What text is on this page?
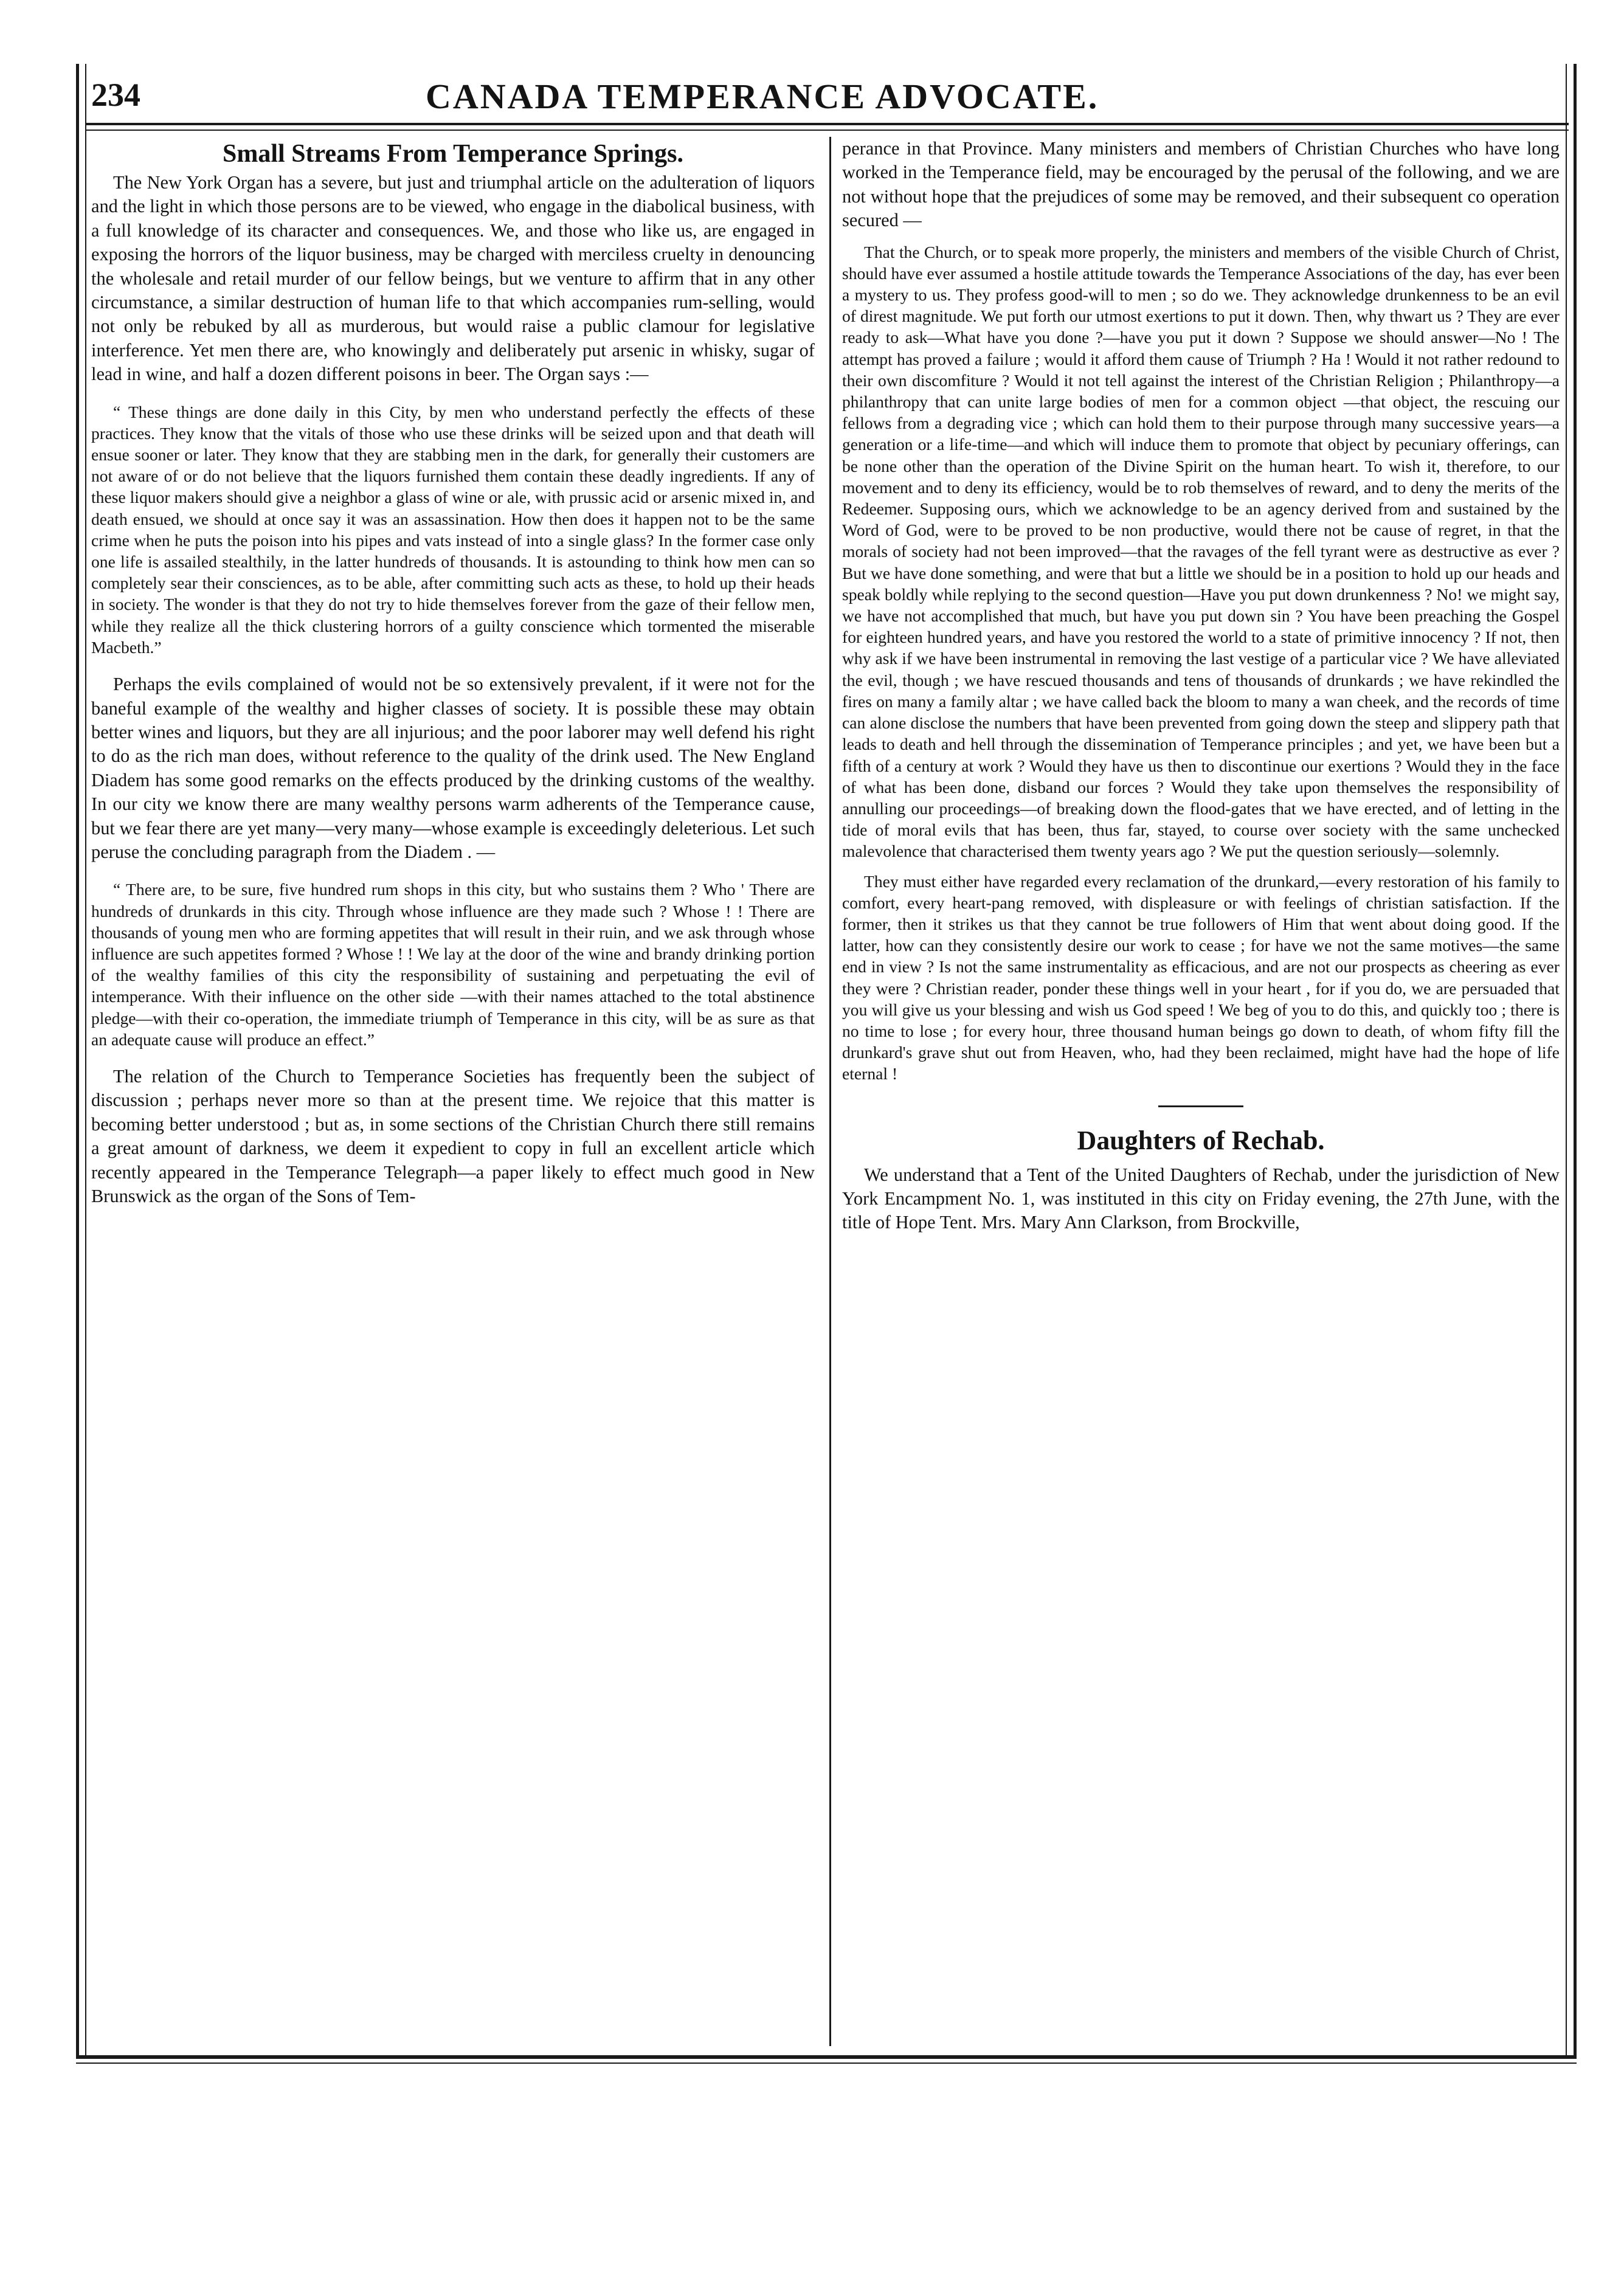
234	CANADA TEMPERANCE ADVOCATE.
Small Streams From Temperance Springs.

The New York Organ has a severe, but just and triumphal article on the adulteration of liquors and the light in which those persons are to be viewed, who engage in the diabolical business, with a full knowledge of its character and consequences. We, and those who like us, are engaged in exposing the horrors of the liquor business, may be charged with merciless cruelty in denouncing the wholesale and retail murder of our fellow beings, but we venture to affirm that in any other circumstance, a similar destruction of human life to that which accompanies rum-selling, would not only be rebuked by all as murderous, but would raise a public clamour for legislative interference. Yet men there are, who knowingly and deliberately put arsenic in whisky, sugar of lead in wine, and half a dozen different poisons in beer. The Organ says :—

“ These things are done daily in this City, by men who understand perfectly the effects of these practices. They know that the vitals of those who use these drinks will be seized upon and that death will ensue sooner or later. They know that they are stabbing men in the dark, for generally their customers are not aware of or do not believe that the liquors furnished them contain these deadly ingredients. If any of these liquor makers should give a neighbor a glass of wine or ale, with prussic acid or arsenic mixed in, and death ensued, we should at once say it was an assassination. How then does it happen not to be the same crime when he puts the poison into his pipes and vats instead of into a single glass? In the former case only one life is assailed stealthily, in the latter hundreds of thousands. It is astounding to think how men can so completely sear their consciences, as to be able, after committing such acts as these, to hold up their heads in society. The wonder is that they do not try to hide themselves forever from the gaze of their fellow men, while they realize all the thick clustering horrors of a guilty conscience which tormented the miserable Macbeth.”

Perhaps the evils complained of would not be so extensively prevalent, if it were not for the baneful example of the wealthy and higher classes of society. It is possible these may obtain better wines and liquors, but they are all injurious; and the poor laborer may well defend his right to do as the rich man does, without reference to the quality of the drink used. The New England Diadem has some good remarks on the effects produced by the drinking customs of the wealthy. In our city we know there are many wealthy persons warm adherents of the Temperance cause, but we fear there are yet many—very many—whose example is exceedingly deleterious. Let such peruse the concluding paragraph from the Diadem . —

“ There are, to be sure, five hundred rum shops in this city, but who sustains them ? Who ' There are hundreds of drunkards in this city. Through whose influence are they made such ? Whose ! ! There are thousands of young men who are forming appetites that will result in their ruin, and we ask through whose influence are such appetites formed ? Whose ! ! We lay at the door of the wine and brandy drinking portion of the wealthy families of this city the responsibility of sustaining and perpetuating the evil of intemperance. With their influence on the other side —with their names attached to the total abstinence pledge—with their co-operation, the immediate triumph of Temperance in this city, will be as sure as that an adequate cause will produce an effect.”

The relation of the Church to Temperance Societies has frequently been the subject of discussion ; perhaps never more so than at the present time. We rejoice that this matter is becoming better understood ; but as, in some sections of the Christian Church there still remains a great amount of darkness, we deem it expedient to copy in full an excellent article which recently appeared in the Temperance Telegraph—a paper likely to effect much good in New Brunswick as the organ of the Sons of Tem-

perance in that Province. Many ministers and members of Christian Churches who have long worked in the Temperance field, may be encouraged by the perusal of the following, and we are not without hope that the prejudices of some may be removed, and their subsequent co operation secured —

That the Church, or to speak more properly, the ministers and members of the visible Church of Christ, should have ever assumed a hostile attitude towards the Temperance Associations of the day, has ever been a mystery to us. They profess good-will to men ; so do we. They acknowledge drunkenness to be an evil of direst magnitude. We put forth our utmost exertions to put it down. Then, why thwart us ? They are ever ready to ask—What have you done ?—have you put it down ? Suppose we should answer—No ! The attempt has proved a failure ; would it afford them cause of Triumph ? Ha ! Would it not rather redound to their own discomfiture ? Would it not tell against the interest of the Christian Religion ; Philanthropy—a philanthropy that can unite large bodies of men for a common object —that object, the rescuing our fellows from a degrading vice ; which can hold them to their purpose through many successive years—a generation or a life-time—and which will induce them to promote that object by pecuniary offerings, can be none other than the operation of the Divine Spirit on the human heart. To wish it, therefore, to our movement and to deny its efficiency, would be to rob themselves of reward, and to deny the merits of the Redeemer. Supposing ours, which we acknowledge to be an agency derived from and sustained by the Word of God, were to be proved to be non productive, would there not be cause of regret, in that the morals of society had not been improved—that the ravages of the fell tyrant were as destructive as ever ? But we have done something, and were that but a little we should be in a position to hold up our heads and speak boldly while replying to the second question—Have you put down drunkenness ? No! we might say, we have not accomplished that much, but have you put down sin ? You have been preaching the Gospel for eighteen hundred years, and have you restored the world to a state of primitive innocency ? If not, then why ask if we have been instrumental in removing the last vestige of a particular vice ? We have alleviated the evil, though ; we have rescued thousands and tens of thousands of drunkards ; we have rekindled the fires on many a family altar ; we have called back the bloom to many a wan cheek, and the records of time can alone disclose the numbers that have been prevented from going down the steep and slippery path that leads to death and hell through the dissemination of Temperance principles ; and yet, we have been but a fifth of a century at work ? Would they have us then to discontinue our exertions ? Would they in the face of what has been done, disband our forces ? Would they take upon themselves the responsibility of annulling our proceedings—of breaking down the flood-gates that we have erected, and of letting in the tide of moral evils that has been, thus far, stayed, to course over society with the same unchecked malevolence that characterised them twenty years ago ? We put the question seriously—solemnly.

They must either have regarded every reclamation of the drunkard,—every restoration of his family to comfort, every heart-pang removed, with displeasure or with feelings of christian satisfaction. If the former, then it strikes us that they cannot be true followers of Him that went about doing good. If the latter, how can they consistently desire our work to cease ; for have we not the same motives—the same end in view ? Is not the same instrumentality as efficacious, and are not our prospects as cheering as ever they were ? Christian reader, ponder these things well in your heart , for if you do, we are persuaded that you will give us your blessing and wish us God speed ! We beg of you to do this, and quickly too ; there is no time to lose ; for every hour, three thousand human beings go down to death, of whom fifty fill the drunkard's grave shut out from Heaven, who, had they been reclaimed, might have had the hope of life eternal !

Daughters of Rechab.

We understand that a Tent of the United Daughters of Rechab, under the jurisdiction of New York Encampment No. 1, was instituted in this city on Friday evening, the 27th June, with the title of Hope Tent. Mrs. Mary Ann Clarkson, from Brockville,
